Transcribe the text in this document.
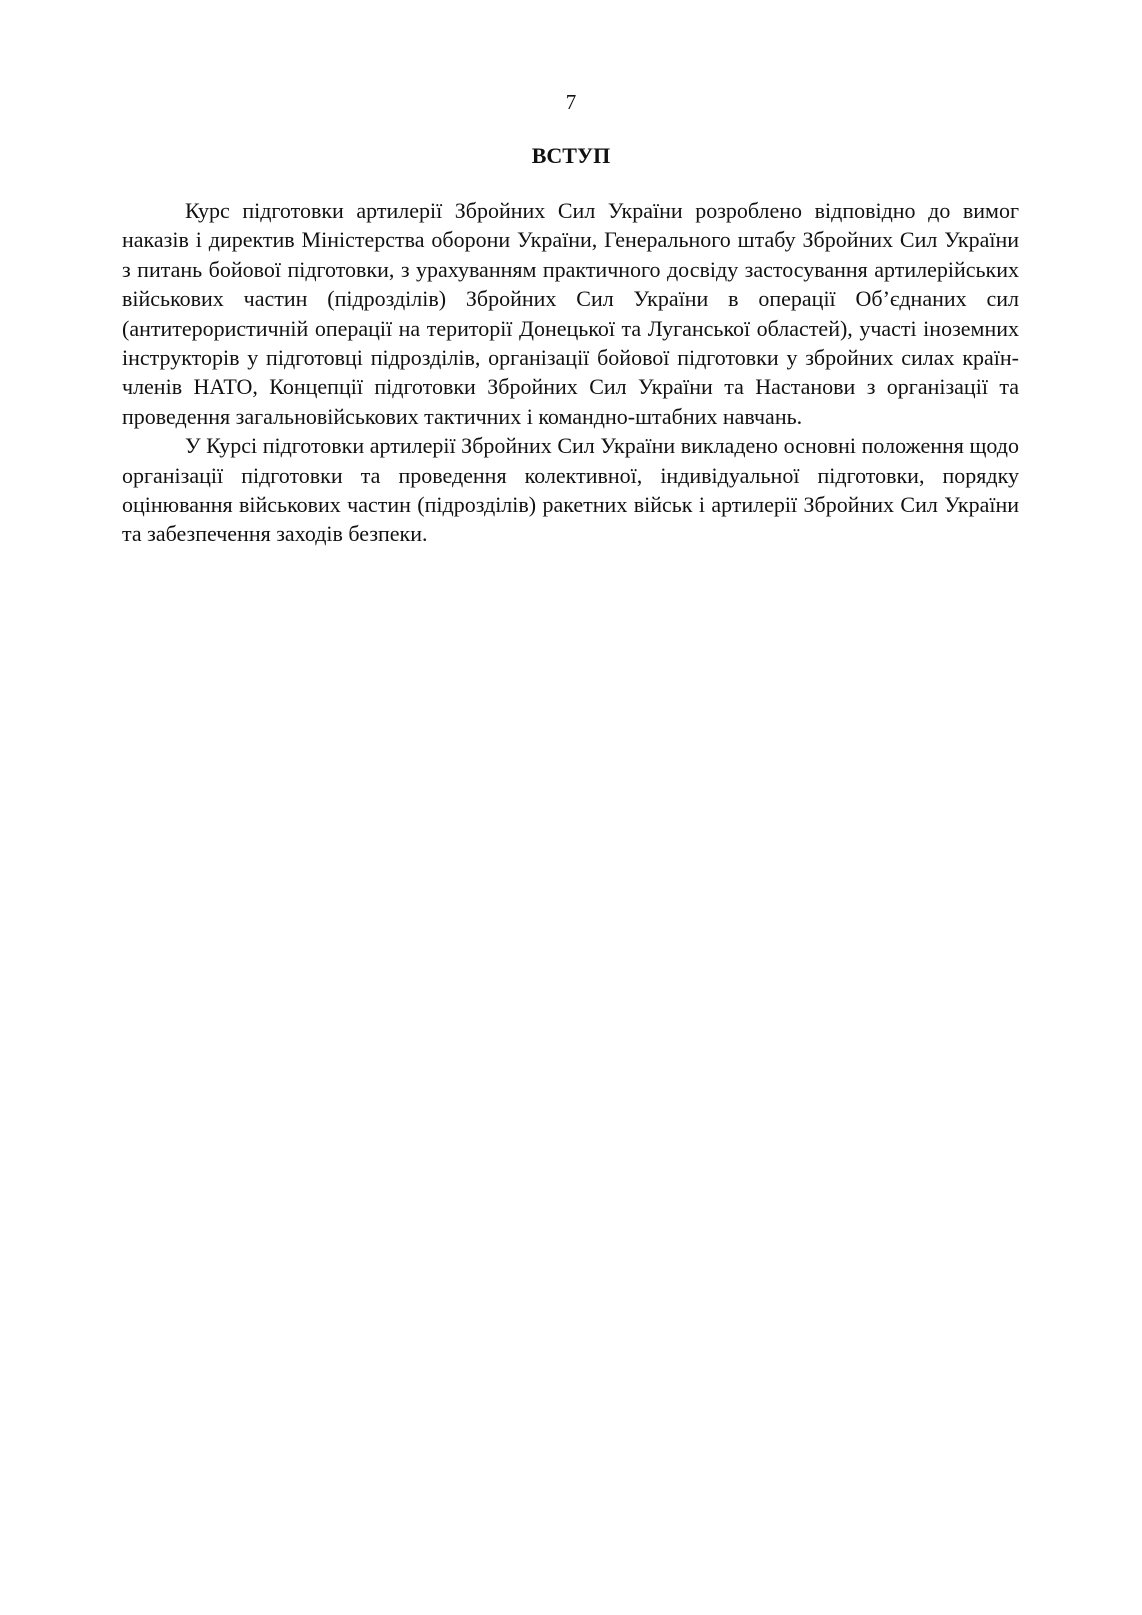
7
ВСТУП

Курс підготовки артилерії Збройних Сил України розроблено відповідно до вимог наказів і директив Міністерства оборони України, Генерального штабу Збройних Сил України з питань бойової підготовки, з урахуванням практичного досвіду застосування артилерійських військових частин (підрозділів) Збройних Сил України в операції Об’єднаних сил (антитерористичній операції на території Донецької та Луганської областей), участі іноземних інструкторів у підготовці підрозділів, організації бойової підготовки у збройних силах країн-членів НАТО, Концепції підготовки Збройних Сил України та Настанови з організації та проведення загальновійськових тактичних і командно-штабних навчань.

У Курсі підготовки артилерії Збройних Сил України викладено основні положення щодо організації підготовки та проведення колективної, індивідуальної підготовки, порядку оцінювання військових частин (підрозділів) ракетних військ і артилерії Збройних Сил України та забезпечення заходів безпеки.
